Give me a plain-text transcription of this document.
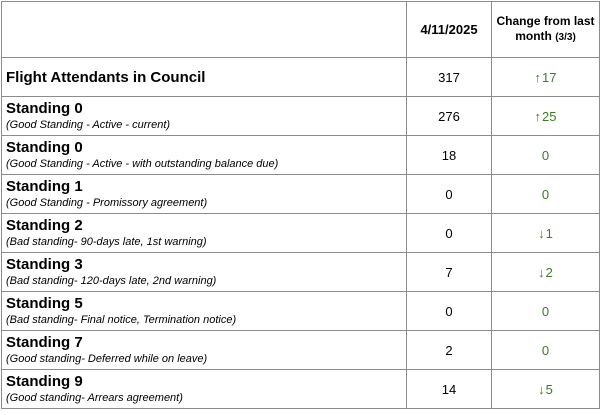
	4/11/2025	Change from last
month (3/3)

Flight Attendants in Council	317	↑17

Standing 0
(Good Standing - Active - current)	276	↑25

Standing 0
(Good Standing - Active - with outstanding balance due)	18	0

Standing 1
(Good Standing - Promissory agreement)	0	0

Standing 2
(Bad standing- 90-days late, 1st warning)	0	↓1

Standing 3
(Bad standing- 120-days late, 2nd warning)	7	↓2

Standing 5
(Bad standing- Final notice, Termination notice)	0	0

Standing 7
(Good standing- Deferred while on leave)	2	0

Standing 9
(Good standing- Arrears agreement)	14	↓5
